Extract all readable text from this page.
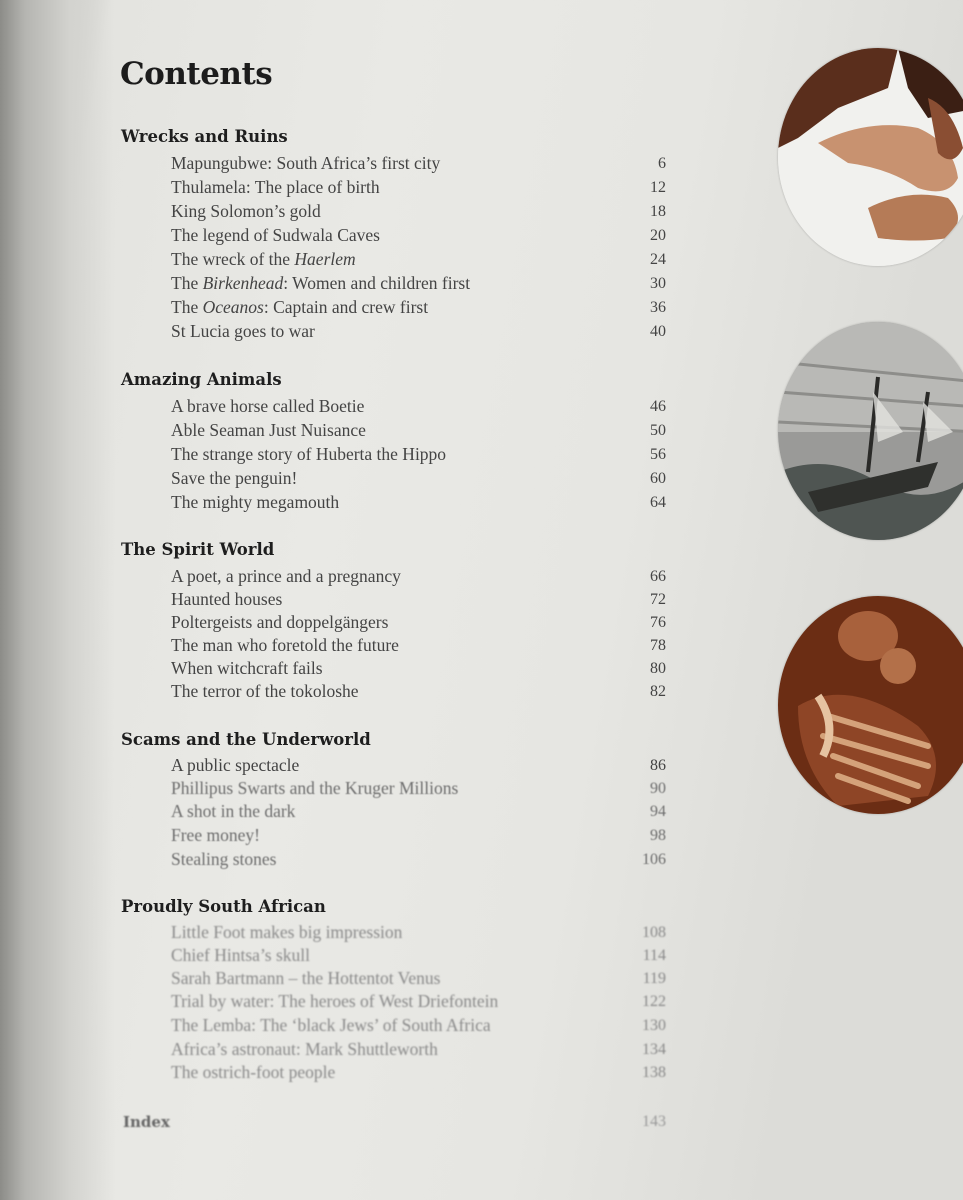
Contents
Wrecks and Ruins
Mapungubwe: South Africa’s first city	6
Thulamela: The place of birth	12
King Solomon’s gold	18
The legend of Sudwala Caves	20
The wreck of the Haerlem	24
The Birkenhead: Women and children first	30
The Oceanos: Captain and crew first	36
St Lucia goes to war	40
Amazing Animals
A brave horse called Boetie	46
Able Seaman Just Nuisance	50
The strange story of Huberta the Hippo	56
Save the penguin!	60
The mighty megamouth	64
The Spirit World
A poet, a prince and a pregnancy	66
Haunted houses	72
Poltergeists and doppelgängers	76
The man who foretold the future	78
When witchcraft fails	80
The terror of the tokoloshe	82
Scams and the Underworld
A public spectacle	86
Phillipus Swarts and the Kruger Millions	90
A shot in the dark	94
Free money!	98
Stealing stones	106
Proudly South African
Little Foot makes big impression	108
Chief Hintsa’s skull	114
Sarah Bartmann – the Hottentot Venus	119
Trial by water: The heroes of West Driefontein	122
The Lemba: The ‘black Jews’ of South Africa	130
Africa’s astronaut: Mark Shuttleworth	134
The ostrich-foot people	138
Index	143
